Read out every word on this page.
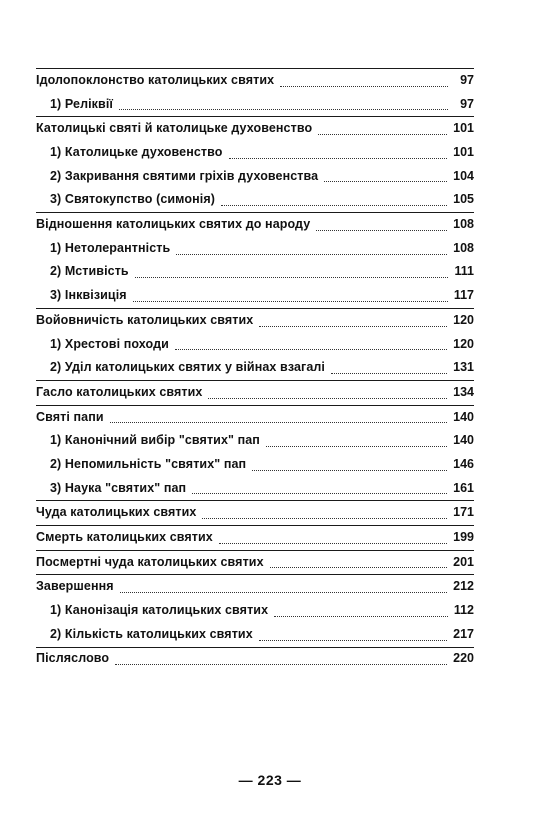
Ідолопоклонство католицьких святих	97
1) Реліквії	97
Католицькі святі й католицьке духовенство	101
1) Католицьке духовенство	101
2) Закривання святими гріхів духовенства	104
3) Святокупство (симонія)	105
Відношення католицьких святих до народу	108
1) Нетолерантність	108
2) Мстивість	111
3) Інквізиція	117
Войовничість католицьких святих	120
1) Хрестові походи	120
2) Уділ католицьких святих у війнах взагалі	131
Гасло католицьких святих	134
Святі папи	140
1) Канонічний вибір "святих" пап	140
2) Непомильність "святих" пап	146
3) Наука "святих" пап	161
Чуда католицьких святих	171
Смерть католицьких святих	199
Посмертні чуда католицьких святих	201
Завершення	212
1) Канонізація католицьких святих	112
2) Кількість католицьких святих	217
Післяслово	220
— 223 —
